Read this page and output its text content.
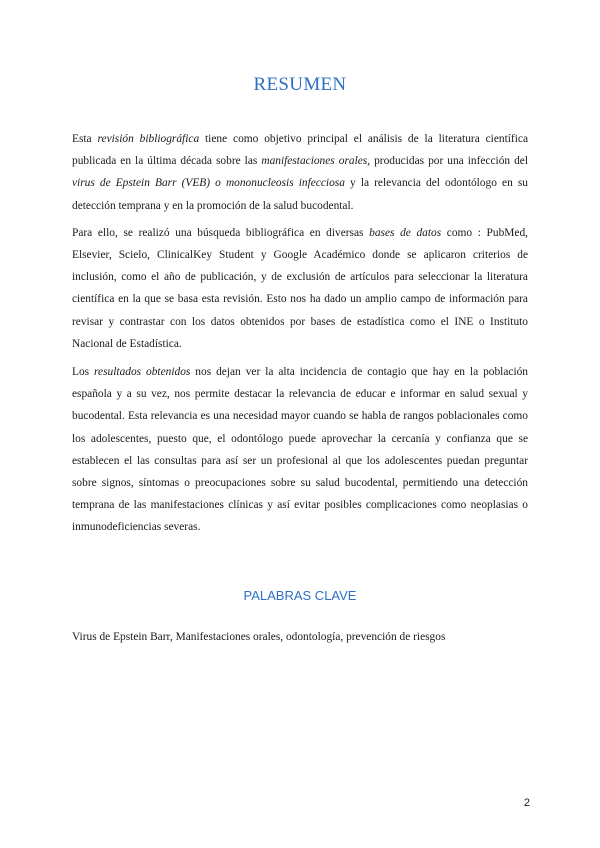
RESUMEN

Esta revisión bibliográfica tiene como objetivo principal el análisis de la literatura científica publicada en la última década sobre las manifestaciones orales, producidas por una infección del virus de Epstein Barr (VEB) o mononucleosis infecciosa y la relevancia del odontólogo en su detección temprana y en la promoción de la salud bucodental.

Para ello, se realizó una búsqueda bibliográfica en diversas bases de datos como : PubMed, Elsevier, Scielo, ClinicalKey Student y Google Académico donde se aplicaron criterios de inclusión, como el año de publicación, y de exclusión de artículos para seleccionar la literatura científica en la que se basa esta revisión. Esto nos ha dado un amplio campo de información para revisar y contrastar con los datos obtenidos por bases de estadística como el INE o Instituto Nacional de Estadística.

Los resultados obtenidos nos dejan ver la alta incidencia de contagio que hay en la población española y a su vez, nos permite destacar la relevancia de educar e informar en salud sexual y bucodental. Esta relevancia es una necesidad mayor cuando se habla de rangos poblacionales como los adolescentes, puesto que, el odontólogo puede aprovechar la cercanía y confianza que se establecen el las consultas para así ser un profesional al que los adolescentes puedan preguntar sobre signos, síntomas o preocupaciones sobre su salud bucodental, permitiendo una detección temprana de las manifestaciones clínicas y así evitar posibles complicaciones como neoplasias o inmunodeficiencias severas.

PALABRAS CLAVE

Virus de Epstein Barr, Manifestaciones orales, odontología, prevención de riesgos

2
